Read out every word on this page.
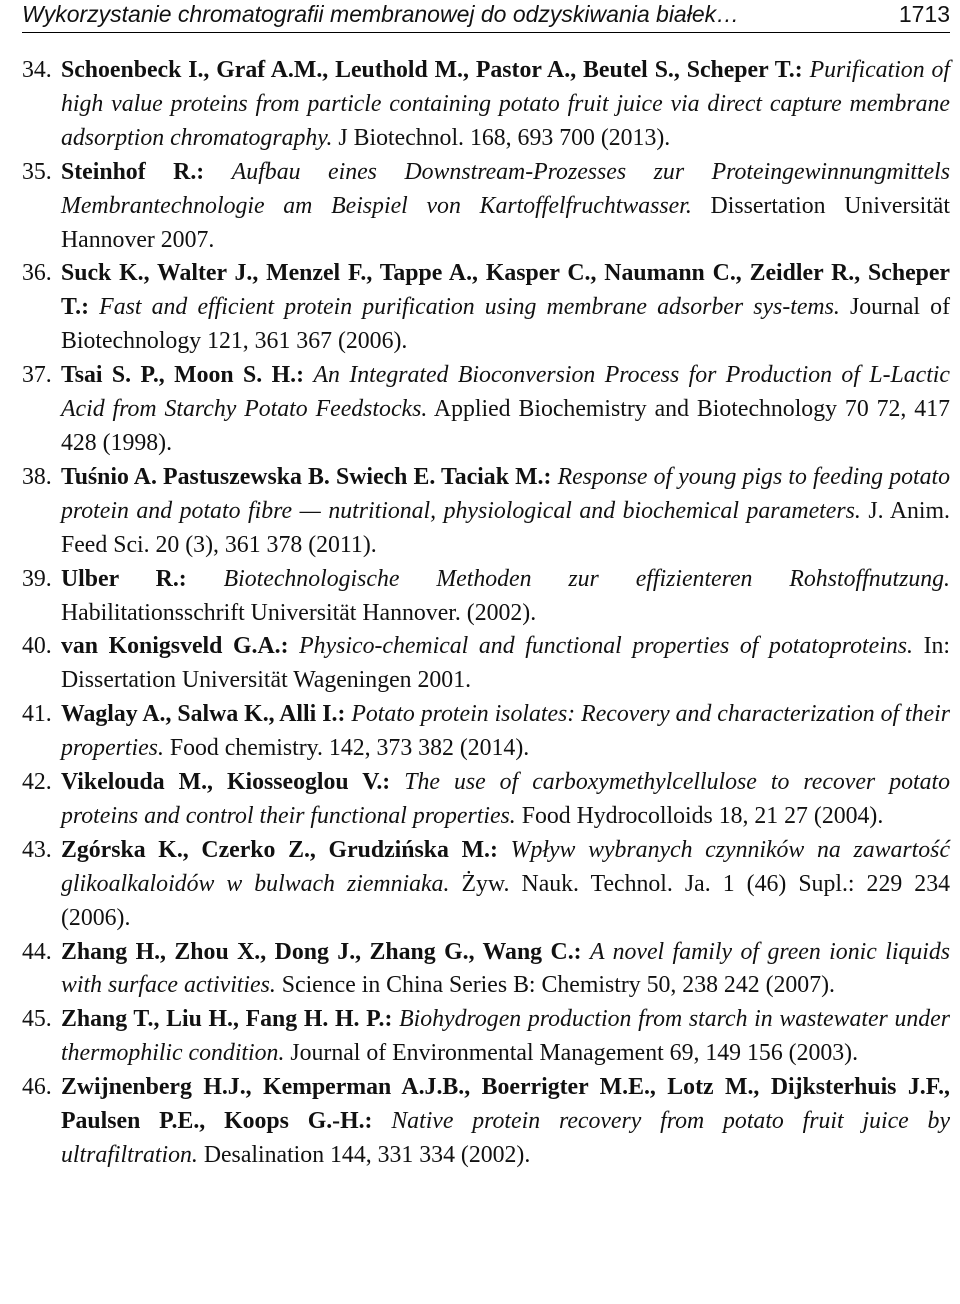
Wykorzystanie chromatografii membranowej do odzyskiwania białek…	1713
34. Schoenbeck I., Graf A.M., Leuthold M., Pastor A., Beutel S., Scheper T.: Purification of high value proteins from particle containing potato fruit juice via direct capture membrane adsorption chromatography. J Biotechnol. 168, 693 700 (2013).
35. Steinhof R.: Aufbau eines Downstream-Prozesses zur Proteingewinnungmittels Membrantechnologie am Beispiel von Kartoffelfruchtwasser. Dissertation Universität Hannover 2007.
36. Suck K., Walter J., Menzel F., Tappe A., Kasper C., Naumann C., Zeidler R., Scheper T.: Fast and efficient protein purification using membrane adsorber sys-tems. Journal of Biotechnology 121, 361 367 (2006).
37. Tsai S. P., Moon S. H.: An Integrated Bioconversion Process for Production of L-Lactic Acid from Starchy Potato Feedstocks. Applied Biochemistry and Biotechnology 70 72, 417 428 (1998).
38. Tuśnio A. Pastuszewska B. Swiech E. Taciak M.: Response of young pigs to feeding potato protein and potato fibre — nutritional, physiological and biochemical parameters. J. Anim. Feed Sci. 20 (3), 361 378 (2011).
39. Ulber R.: Biotechnologische Methoden zur effizienteren Rohstoffnutzung. Habilitationsschrift Universität Hannover. (2002).
40. van Konigsveld G.A.: Physico-chemical and functional properties of potatoproteins. In: Dissertation Universität Wageningen 2001.
41. Waglay A., Salwa K., Alli I.: Potato protein isolates: Recovery and characterization of their properties. Food chemistry. 142, 373 382 (2014).
42. Vikelouda M., Kiosseoglou V.: The use of carboxymethylcellulose to recover potato proteins and control their functional properties. Food Hydrocolloids 18, 21 27 (2004).
43. Zgórska K., Czerko Z., Grudzińska M.: Wpływ wybranych czynników na zawartość glikoalkaloidów w bulwach ziemniaka. Żyw. Nauk. Technol. Ja. 1 (46) Supl.: 229 234 (2006).
44. Zhang H., Zhou X., Dong J., Zhang G., Wang C.: A novel family of green ionic liquids with surface activities. Science in China Series B: Chemistry 50, 238 242 (2007).
45. Zhang T., Liu H., Fang H. H. P.: Biohydrogen production from starch in wastewater under thermophilic condition. Journal of Environmental Management 69, 149 156 (2003).
46. Zwijnenberg H.J., Kemperman A.J.B., Boerrigter M.E., Lotz M., Dijksterhuis J.F., Paulsen P.E., Koops G.-H.: Native protein recovery from potato fruit juice by ultrafiltration. Desalination 144, 331 334 (2002).
